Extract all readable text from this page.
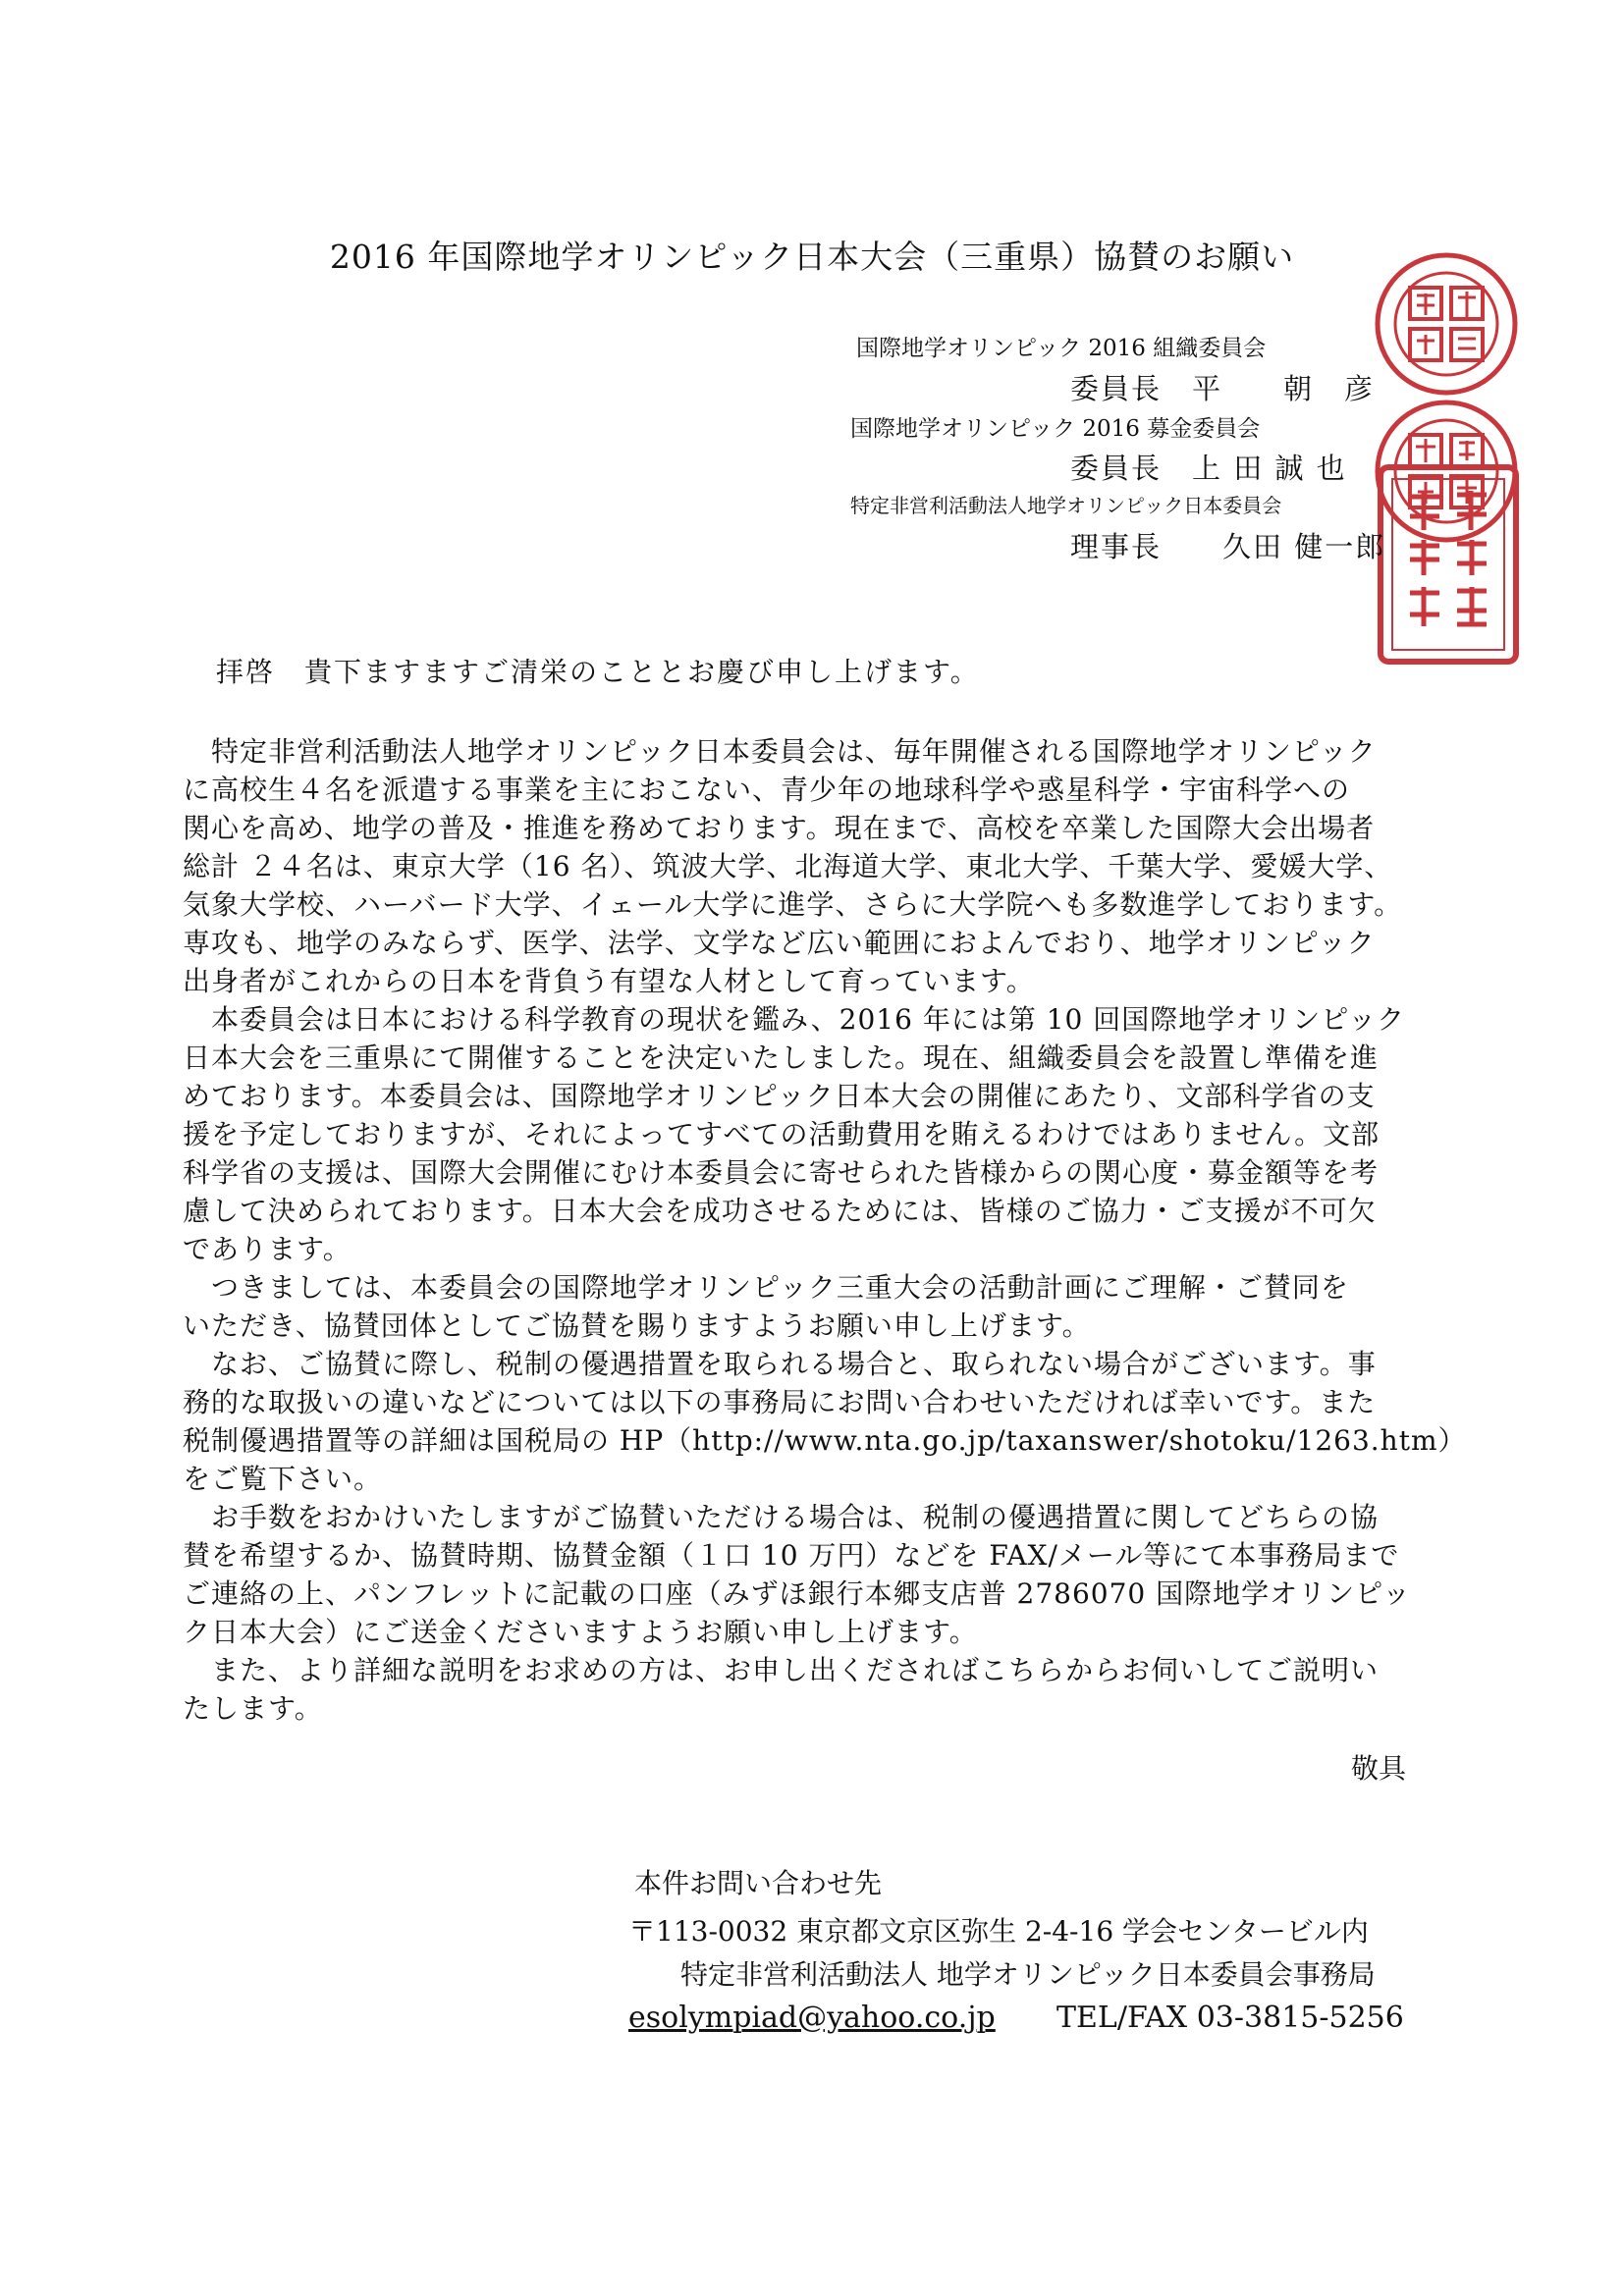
2016 年国際地学オリンピック日本大会（三重県）協賛のお願い
国際地学オリンピック 2016 組織委員会
委員長　平　　朝　彦
国際地学オリンピック 2016 募金委員会
委員長　上 田 誠 也
特定非営利活動法人地学オリンピック日本委員会
理事長　　久田 健一郎
拝啓　貴下ますますご清栄のこととお慶び申し上げます。
　特定非営利活動法人地学オリンピック日本委員会は、毎年開催される国際地学オリンピック
に高校生４名を派遣する事業を主におこない、青少年の地球科学や惑星科学・宇宙科学への
関心を高め、地学の普及・推進を務めております。現在まで、高校を卒業した国際大会出場者
総計 ２４名は、東京大学（16 名）、筑波大学、北海道大学、東北大学、千葉大学、愛媛大学、
気象大学校、ハーバード大学、イェール大学に進学、さらに大学院へも多数進学しております。
専攻も、地学のみならず、医学、法学、文学など広い範囲におよんでおり、地学オリンピック
出身者がこれからの日本を背負う有望な人材として育っています。
　本委員会は日本における科学教育の現状を鑑み、2016 年には第 10 回国際地学オリンピック
日本大会を三重県にて開催することを決定いたしました。現在、組織委員会を設置し準備を進
めております。本委員会は、国際地学オリンピック日本大会の開催にあたり、文部科学省の支
援を予定しておりますが、それによってすべての活動費用を賄えるわけではありません。文部
科学省の支援は、国際大会開催にむけ本委員会に寄せられた皆様からの関心度・募金額等を考
慮して決められております。日本大会を成功させるためには、皆様のご協力・ご支援が不可欠
であります。
　つきましては、本委員会の国際地学オリンピック三重大会の活動計画にご理解・ご賛同を
いただき、協賛団体としてご協賛を賜りますようお願い申し上げます。
　なお、ご協賛に際し、税制の優遇措置を取られる場合と、取られない場合がございます。事
務的な取扱いの違いなどについては以下の事務局にお問い合わせいただければ幸いです。また
税制優遇措置等の詳細は国税局の HP（http://www.nta.go.jp/taxanswer/shotoku/1263.htm）
をご覧下さい。
　お手数をおかけいたしますがご協賛いただける場合は、税制の優遇措置に関してどちらの協
賛を希望するか、協賛時期、協賛金額（１口 10 万円）などを FAX/メール等にて本事務局まで
ご連絡の上、パンフレットに記載の口座（みずほ銀行本郷支店普 2786070 国際地学オリンピッ
ク日本大会）にご送金くださいますようお願い申し上げます。
　また、より詳細な説明をお求めの方は、お申し出くださればこちらからお伺いしてご説明い
たします。
敬具
本件お問い合わせ先
〒113-0032 東京都文京区弥生 2-4-16 学会センタービル内
特定非営利活動法人 地学オリンピック日本委員会事務局
esolympiad@yahoo.co.jp TEL/FAX 03-3815-5256
